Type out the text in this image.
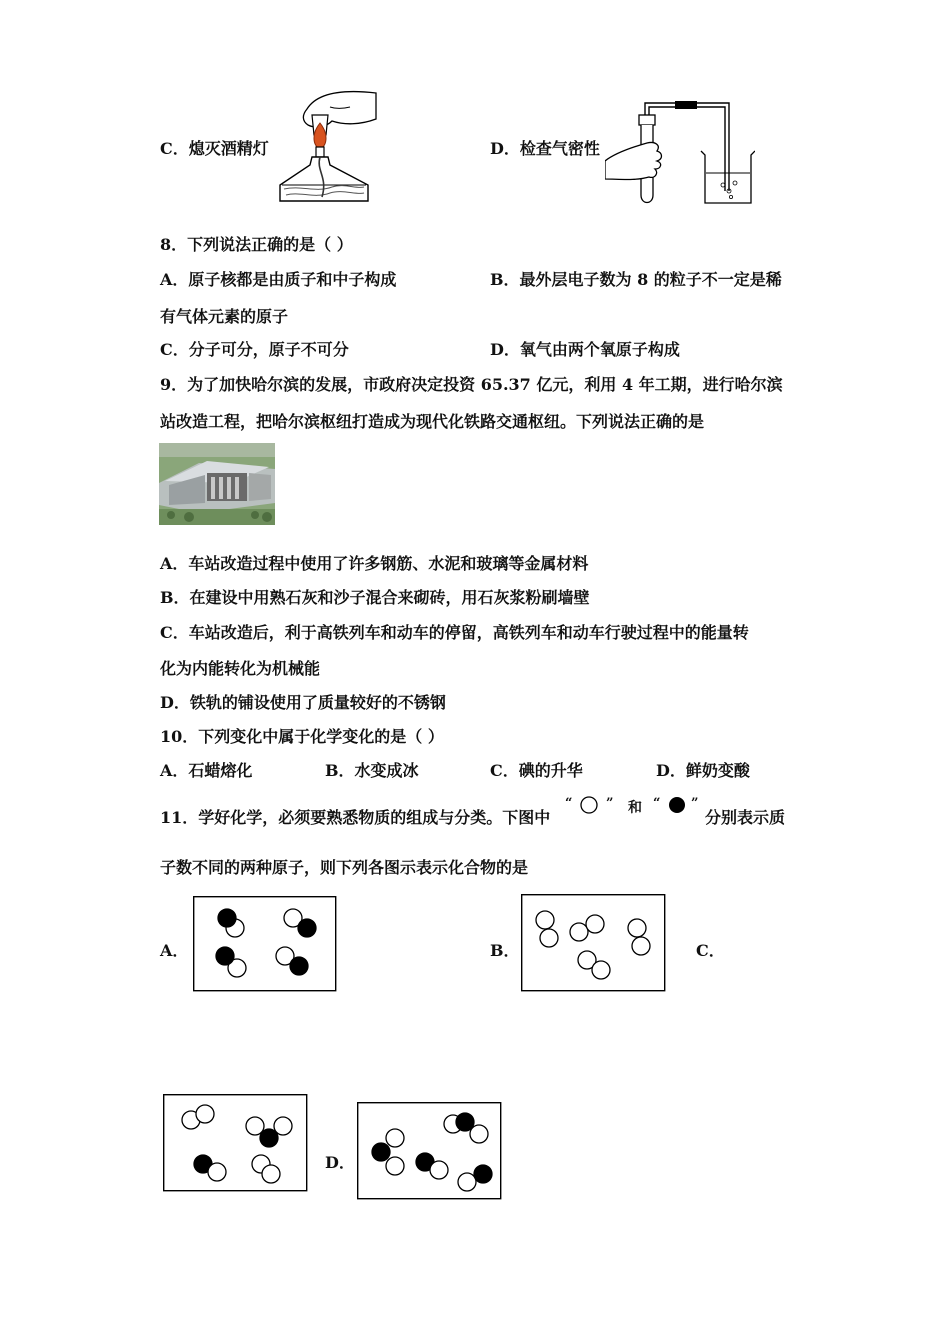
C．熄灭酒精灯	D．检查气密性
8．下列说法正确的是（ ）
A．原子核都是由质子和中子构成	B．最外层电子数为 8 的粒子不一定是稀
有气体元素的原子
C．分子可分，原子不可分	D．氧气由两个氧原子构成
9．为了加快哈尔滨的发展，市政府决定投资 65.37 亿元，利用 4 年工期，进行哈尔滨
站改造工程，把哈尔滨枢纽打造成为现代化铁路交通枢纽。下列说法正确的是
A．车站改造过程中使用了许多钢筋、水泥和玻璃等金属材料
B．在建设中用熟石灰和沙子混合来砌砖，用石灰浆粉刷墙壁
C．车站改造后，利于高铁列车和动车的停留，高铁列车和动车行驶过程中的能量转
化为内能转化为机械能
D．铁轨的铺设使用了质量较好的不锈钢
10．下列变化中属于化学变化的是（ ）
A．石蜡熔化	B．水变成冰	C．碘的升华	D．鲜奶变酸
11．学好化学，必须要熟悉物质的组成与分类。下图中
“	” 和 “ ”
分别表示质
子数不同的两种原子，则下列各图示表示化合物的是
A．	B．	C．
D．
